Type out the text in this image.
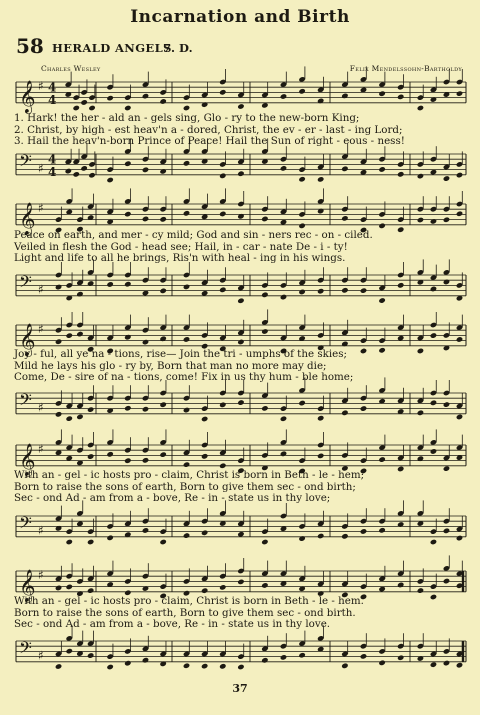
Incarnation and Birth
58 HERALD ANGELS
7. D.
Charles Wesley	Felix Mendelssohn-Bartholdy
𝄞 ♯ 4
4
1. Hark! the her - ald an - gels sing, Glo - ry to the new-born King;
2. Christ, by high - est heav'n a - dored, Christ, the ev - er - last - ing Lord;
3. Hail the heav'n-born Prince of Peace! Hail the Sun of right - eous - ness!
𝄢 ♯
4
4
𝄞 ♯
Peace on earth, and mer - cy mild; God and sin - ners rec - on - ciled.
Veiled in flesh the God - head see; Hail, in - car - nate De - i - ty!
Light and life to all he brings, Ris'n with heal - ing in his wings.
𝄢 ♯
𝄞 ♯
Joy - ful, all ye na - tions, rise— Join the tri - umphs of the skies;
Mild he lays his glo - ry by, Born that man no more may die;
Come, De - sire of na - tions, come! Fix in us thy hum - ble home;
𝄢 ♯
𝄞 ♯
With an - gel - ic hosts pro - claim, Christ is born in Beth - le - hem;
Born to raise the sons of earth, Born to give them sec - ond birth;
Sec - ond Ad - am from a - bove, Re - in - state us in thy love;
𝄢 ♯
𝄞 ♯
With an - gel - ic hosts pro - claim, Christ is born in Beth - le - hem.
Born to raise the sons of earth, Born to give them sec - ond birth.
Sec - ond Ad - am from a - bove, Re - in - state us in thy love.
𝄢 ♯
37
